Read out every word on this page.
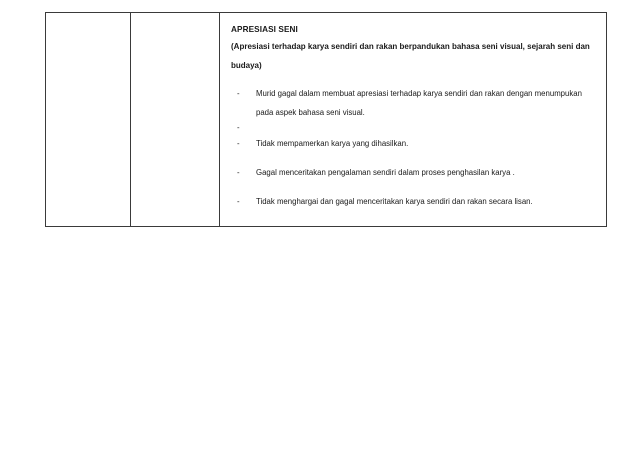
APRESIASI SENI
(Apresiasi terhadap karya sendiri dan rakan berpandukan bahasa seni visual, sejarah seni dan budaya)
- Murid gagal dalam membuat apresiasi terhadap karya sendiri dan rakan dengan menumpukan pada aspek bahasa seni visual.
-
- Tidak mempamerkan karya yang dihasilkan.
- Gagal menceritakan pengalaman sendiri dalam proses penghasilan karya .
- Tidak menghargai dan gagal menceritakan karya sendiri dan rakan secara lisan.
